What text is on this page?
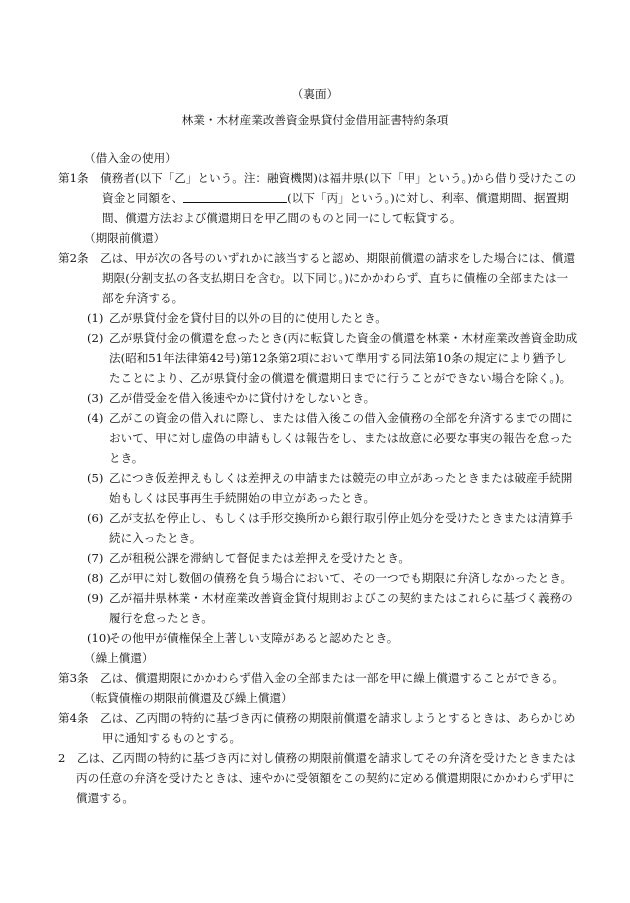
（裏面）
林業・木材産業改善資金県貸付金借用証書特約条項
（借入金の使用）
第1条　債務者(以下「乙」という。注：融資機関)は福井県(以下「甲」という。)から借り受けたこの資金と同額を、	(以下「丙」という。)に対し、利率、償還期間、据置期間、償還方法および償還期日を甲乙間のものと同一にして転貸する。
（期限前償還）
第2条　乙は、甲が次の各号のいずれかに該当すると認め、期限前償還の請求をした場合には、償還期限(分割支払の各支払期日を含む。以下同じ。)にかかわらず、直ちに債権の全部または一部を弁済する。
(1) 乙が県貸付金を貸付目的以外の目的に使用したとき。
(2) 乙が県貸付金の償還を怠ったとき(丙に転貸した資金の償還を林業・木材産業改善資金助成法(昭和51年法律第42号)第12条第2項において準用する同法第10条の規定により猶予したことにより、乙が県貸付金の償還を償還期日までに行うことができない場合を除く。)。
(3) 乙が借受金を借入後速やかに貸付けをしないとき。
(4) 乙がこの資金の借入れに際し、または借入後この借入金債務の全部を弁済するまでの間において、甲に対し虚偽の申請もしくは報告をし、または故意に必要な事実の報告を怠ったとき。
(5) 乙につき仮差押えもしくは差押えの申請または競売の申立があったときまたは破産手続開始もしくは民事再生手続開始の申立があったとき。
(6) 乙が支払を停止し、もしくは手形交換所から銀行取引停止処分を受けたときまたは清算手続に入ったとき。
(7) 乙が租税公課を滞納して督促または差押えを受けたとき。
(8) 乙が甲に対し数個の債務を負う場合において、その一つでも期限に弁済しなかったとき。
(9) 乙が福井県林業・木材産業改善資金貸付規則およびこの契約またはこれらに基づく義務の履行を怠ったとき。
(10)その他甲が債権保全上著しい支障があると認めたとき。
（繰上償還）
第3条　乙は、償還期限にかかわらず借入金の全部または一部を甲に繰上償還することができる。
（転貸債権の期限前償還及び繰上償還）
第4条　乙は、乙丙間の特約に基づき丙に債務の期限前償還を請求しようとするときは、あらかじめ甲に通知するものとする。
2　乙は、乙丙間の特約に基づき丙に対し債務の期限前償還を請求してその弁済を受けたときまたは丙の任意の弁済を受けたときは、速やかに受領額をこの契約に定める償還期限にかかわらず甲に償還する。
